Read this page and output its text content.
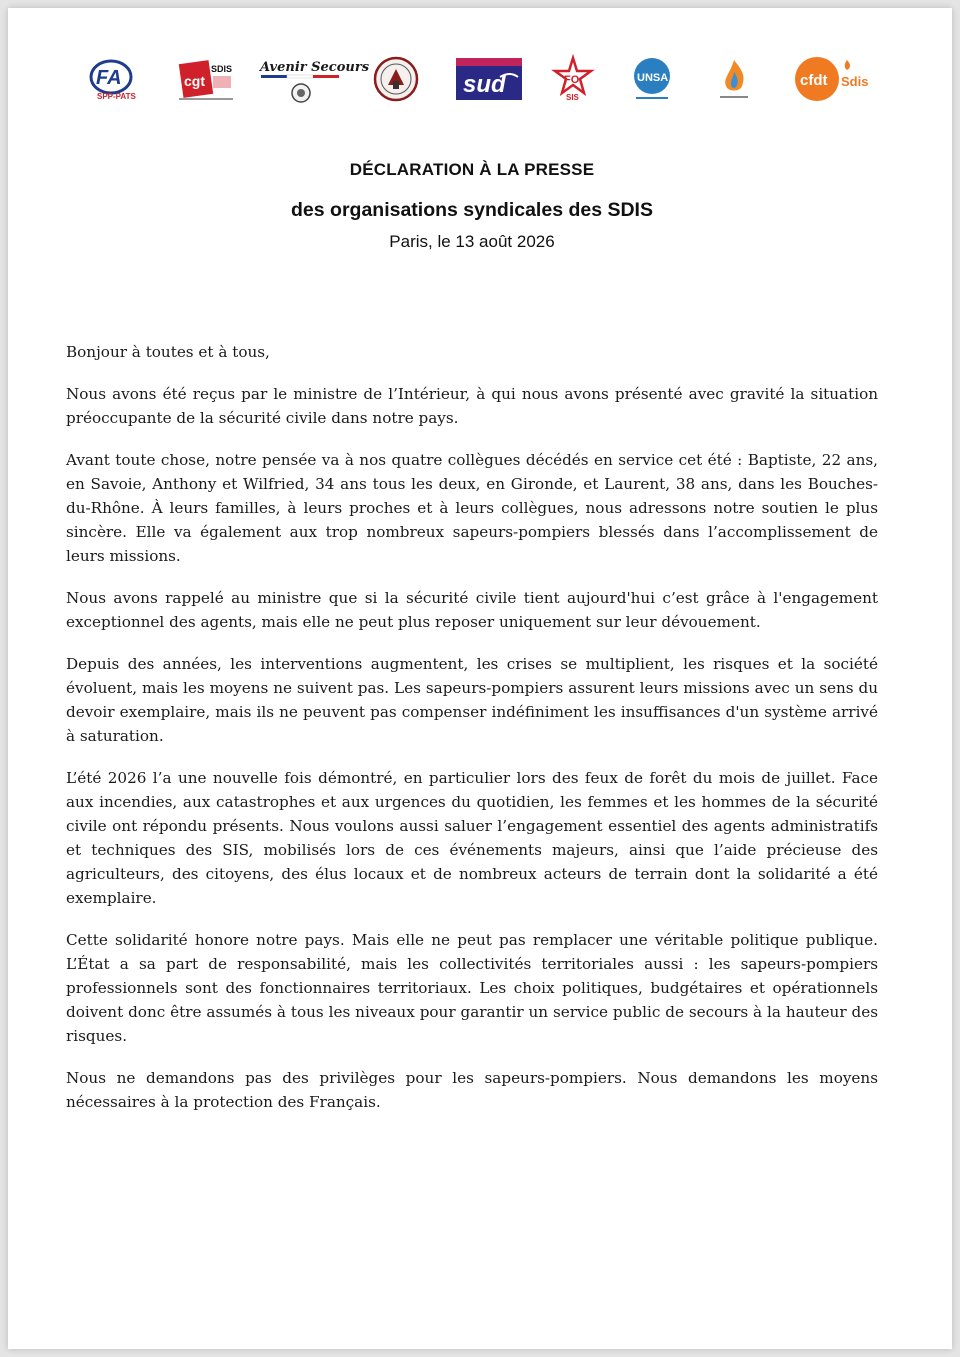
FA
SPP-PATS
cgt
SDIS Avenir Secours
sud	FO
SIS
UNSA	cfdt Sdis
DÉCLARATION À LA PRESSE
des organisations syndicales des SDIS
Paris, le 13 août 2026

Bonjour à toutes et à tous,

Nous avons été reçus par le ministre de l’Intérieur, à qui nous avons présenté avec gravité la situation préoccupante de la sécurité civile dans notre pays.

Avant toute chose, notre pensée va à nos quatre collègues décédés en service cet été : Baptiste, 22 ans, en Savoie, Anthony et Wilfried, 34 ans tous les deux, en Gironde, et Laurent, 38 ans, dans les Bouches-du-Rhône. À leurs familles, à leurs proches et à leurs collègues, nous adressons notre soutien le plus sincère. Elle va également aux trop nombreux sapeurs-pompiers blessés dans l’accomplissement de leurs missions.

Nous avons rappelé au ministre que si la sécurité civile tient aujourd'hui c’est grâce à l'engagement exceptionnel des agents, mais elle ne peut plus reposer uniquement sur leur dévouement.

Depuis des années, les interventions augmentent, les crises se multiplient, les risques et la société évoluent, mais les moyens ne suivent pas. Les sapeurs-pompiers assurent leurs missions avec un sens du devoir exemplaire, mais ils ne peuvent pas compenser indéfiniment les insuffisances d'un système arrivé à saturation.

L’été 2026 l’a une nouvelle fois démontré, en particulier lors des feux de forêt du mois de juillet. Face aux incendies, aux catastrophes et aux urgences du quotidien, les femmes et les hommes de la sécurité civile ont répondu présents. Nous voulons aussi saluer l’engagement essentiel des agents administratifs et techniques des SIS, mobilisés lors de ces événements majeurs, ainsi que l’aide précieuse des agriculteurs, des citoyens, des élus locaux et de nombreux acteurs de terrain dont la solidarité a été exemplaire.

Cette solidarité honore notre pays. Mais elle ne peut pas remplacer une véritable politique publique. L’État a sa part de responsabilité, mais les collectivités territoriales aussi : les sapeurs-pompiers professionnels sont des fonctionnaires territoriaux. Les choix politiques, budgétaires et opérationnels doivent donc être assumés à tous les niveaux pour garantir un service public de secours à la hauteur des risques.

Nous ne demandons pas des privilèges pour les sapeurs-pompiers. Nous demandons les moyens nécessaires à la protection des Français.
